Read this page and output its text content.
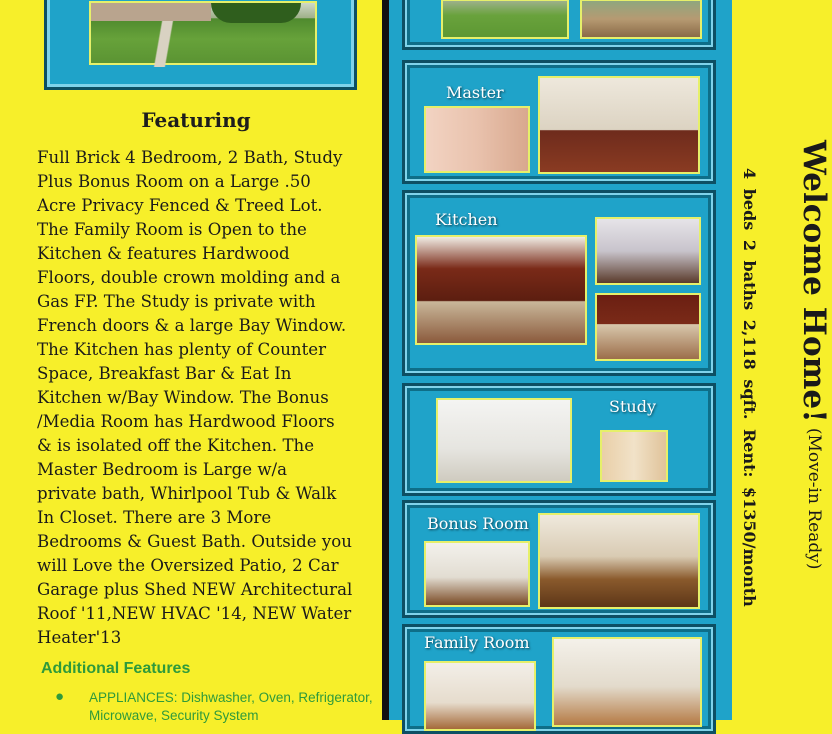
Featuring
Full Brick 4 Bedroom, 2 Bath, Study
Plus Bonus Room on a Large .50
Acre Privacy Fenced & Treed Lot.
The Family Room is Open to the
Kitchen & features Hardwood
Floors, double crown molding and a
Gas FP. The Study is private with
French doors & a large Bay Window.
The Kitchen has plenty of Counter
Space, Breakfast Bar & Eat In
Kitchen w/Bay Window. The Bonus
/Media Room has Hardwood Floors
& is isolated off the Kitchen. The
Master Bedroom is Large w/a
private bath, Whirlpool Tub & Walk
In Closet. There are 3 More
Bedrooms & Guest Bath. Outside you
will Love the Oversized Patio, 2 Car
Garage plus Shed NEW Architectural
Roof '11,NEW HVAC '14, NEW Water
Heater'13
Additional Features
● APPLIANCES: Dishwasher, Oven, Refrigerator, Microwave, Security System
Master
Kitchen
Study
Bonus Room
Family Room
Welcome Home! (Move-in Ready)
4 beds 2 baths 2,118 sqft. Rent: $1350/month
